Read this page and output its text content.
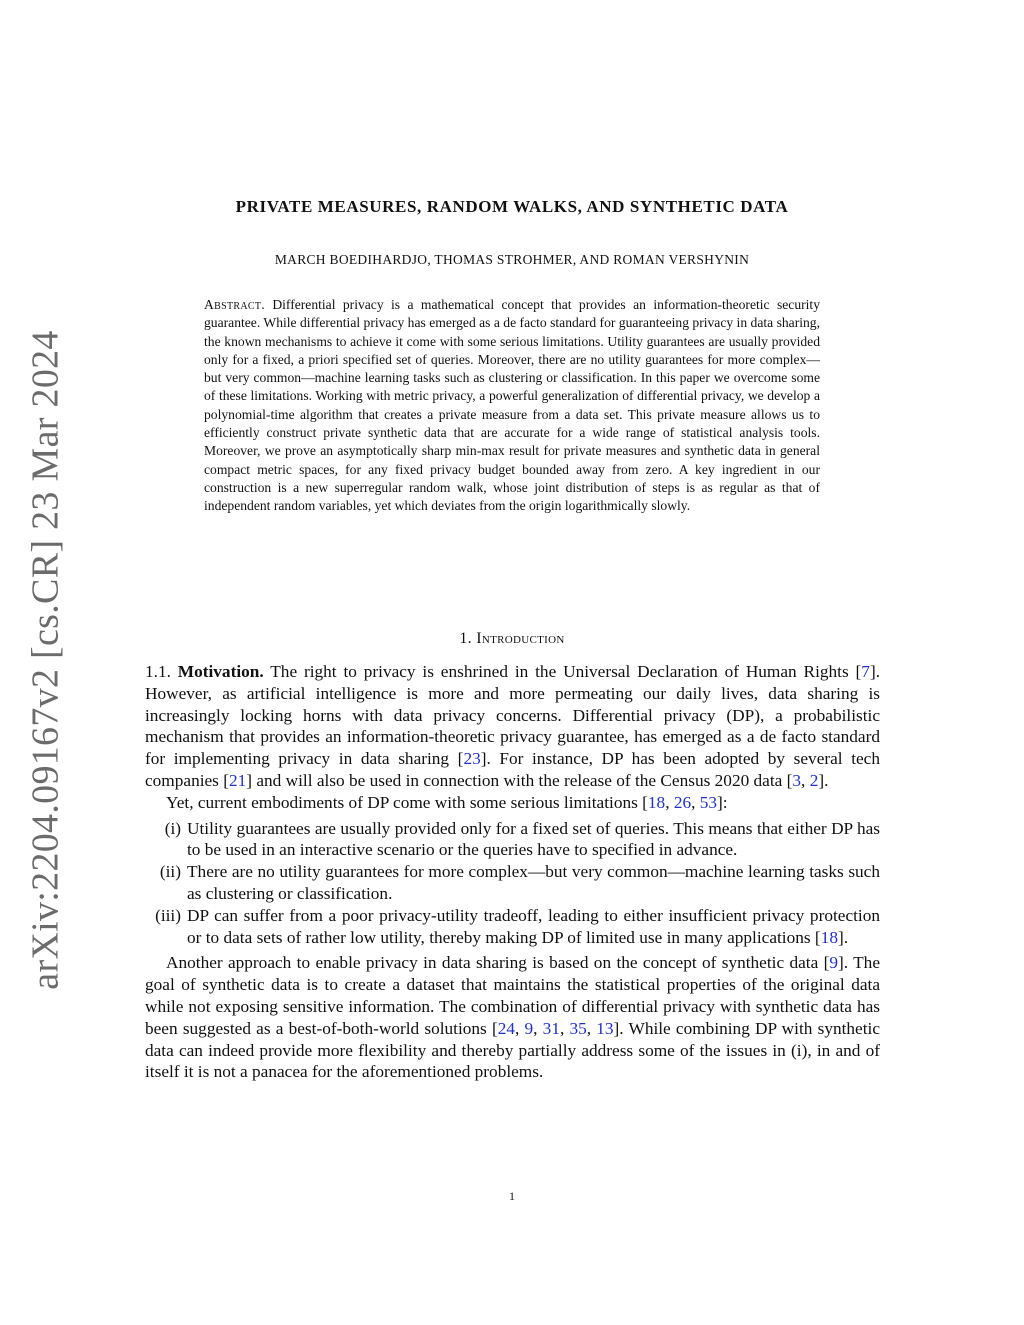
arXiv:2204.09167v2 [cs.CR] 23 Mar 2024
PRIVATE MEASURES, RANDOM WALKS, AND SYNTHETIC DATA
MARCH BOEDIHARDJO, THOMAS STROHMER, AND ROMAN VERSHYNIN
Abstract. Differential privacy is a mathematical concept that provides an information-theoretic security guarantee. While differential privacy has emerged as a de facto standard for guaranteeing privacy in data sharing, the known mechanisms to achieve it come with some serious limitations. Utility guarantees are usually provided only for a fixed, a priori specified set of queries. Moreover, there are no utility guarantees for more complex—but very common—machine learning tasks such as clustering or classification. In this paper we overcome some of these limitations. Working with metric privacy, a powerful generalization of differential privacy, we develop a polynomial-time algorithm that creates a private measure from a data set. This private measure allows us to efficiently construct private synthetic data that are accurate for a wide range of statistical analysis tools. Moreover, we prove an asymptotically sharp min-max result for private measures and synthetic data in general compact metric spaces, for any fixed privacy budget bounded away from zero. A key ingredient in our construction is a new superregular random walk, whose joint distribution of steps is as regular as that of independent random variables, yet which deviates from the origin logarithmically slowly.
1. Introduction

1.1. Motivation. The right to privacy is enshrined in the Universal Declaration of Human Rights [7]. However, as artificial intelligence is more and more permeating our daily lives, data sharing is increasingly locking horns with data privacy concerns. Differential privacy (DP), a probabilistic mechanism that provides an information-theoretic privacy guarantee, has emerged as a de facto standard for implementing privacy in data sharing [23]. For instance, DP has been adopted by several tech companies [21] and will also be used in connection with the release of the Census 2020 data [3, 2].

Yet, current embodiments of DP come with some serious limitations [18, 26, 53]:

(i) Utility guarantees are usually provided only for a fixed set of queries. This means that either DP has to be used in an interactive scenario or the queries have to specified in advance.
(ii) There are no utility guarantees for more complex—but very common—machine learning tasks such as clustering or classification.
(iii) DP can suffer from a poor privacy-utility tradeoff, leading to either insufficient privacy protection or to data sets of rather low utility, thereby making DP of limited use in many applications [18].

Another approach to enable privacy in data sharing is based on the concept of synthetic data [9]. The goal of synthetic data is to create a dataset that maintains the statistical properties of the original data while not exposing sensitive information. The combination of differential privacy with synthetic data has been suggested as a best-of-both-world solutions [24, 9, 31, 35, 13]. While combining DP with synthetic data can indeed provide more flexibility and thereby partially address some of the issues in (i), in and of itself it is not a panacea for the aforementioned problems.

1
